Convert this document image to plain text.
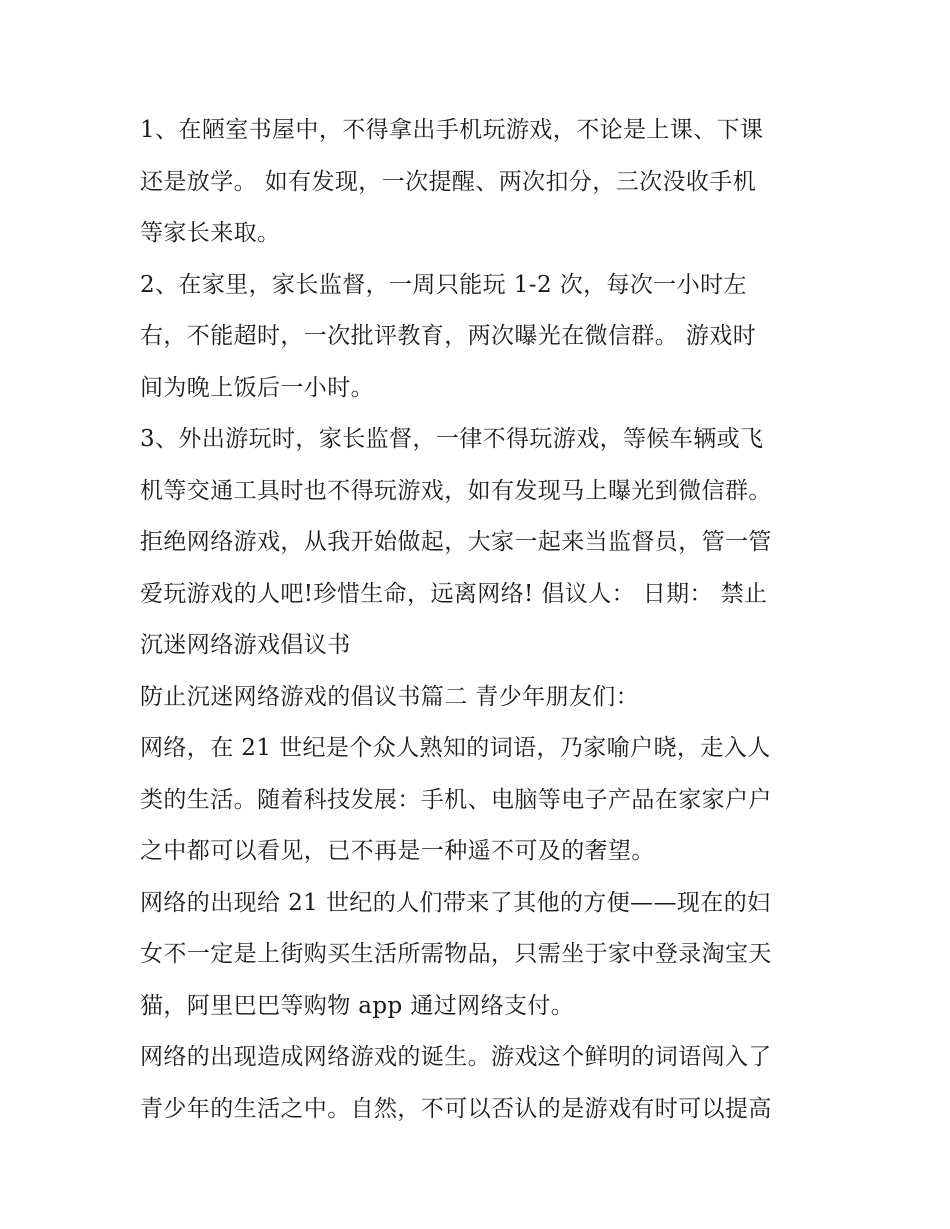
1、在陋室书屋中，不得拿出手机玩游戏，不论是上课、下课
还是放学。 如有发现，一次提醒、两次扣分，三次没收手机
等家长来取。
2、在家里，家长监督，一周只能玩 1-2 次，每次一小时左
右，不能超时，一次批评教育，两次曝光在微信群。 游戏时
间为晚上饭后一小时。
3、外出游玩时，家长监督，一律不得玩游戏，等候车辆或飞
机等交通工具时也不得玩游戏，如有发现马上曝光到微信群。
拒绝网络游戏，从我开始做起，大家一起来当监督员，管一管
爱玩游戏的人吧!珍惜生命，远离网络! 倡议人： 日期： 禁止
沉迷网络游戏倡议书
防止沉迷网络游戏的倡议书篇二 青少年朋友们：
网络，在 21 世纪是个众人熟知的词语，乃家喻户晓，走入人
类的生活。随着科技发展：手机、电脑等电子产品在家家户户
之中都可以看见，已不再是一种遥不可及的奢望。
网络的出现给 21 世纪的人们带来了其他的方便——现在的妇
女不一定是上街购买生活所需物品，只需坐于家中登录淘宝天
猫，阿里巴巴等购物 app 通过网络支付。
网络的出现造成网络游戏的诞生。游戏这个鲜明的词语闯入了
青少年的生活之中。自然，不可以否认的是游戏有时可以提高
